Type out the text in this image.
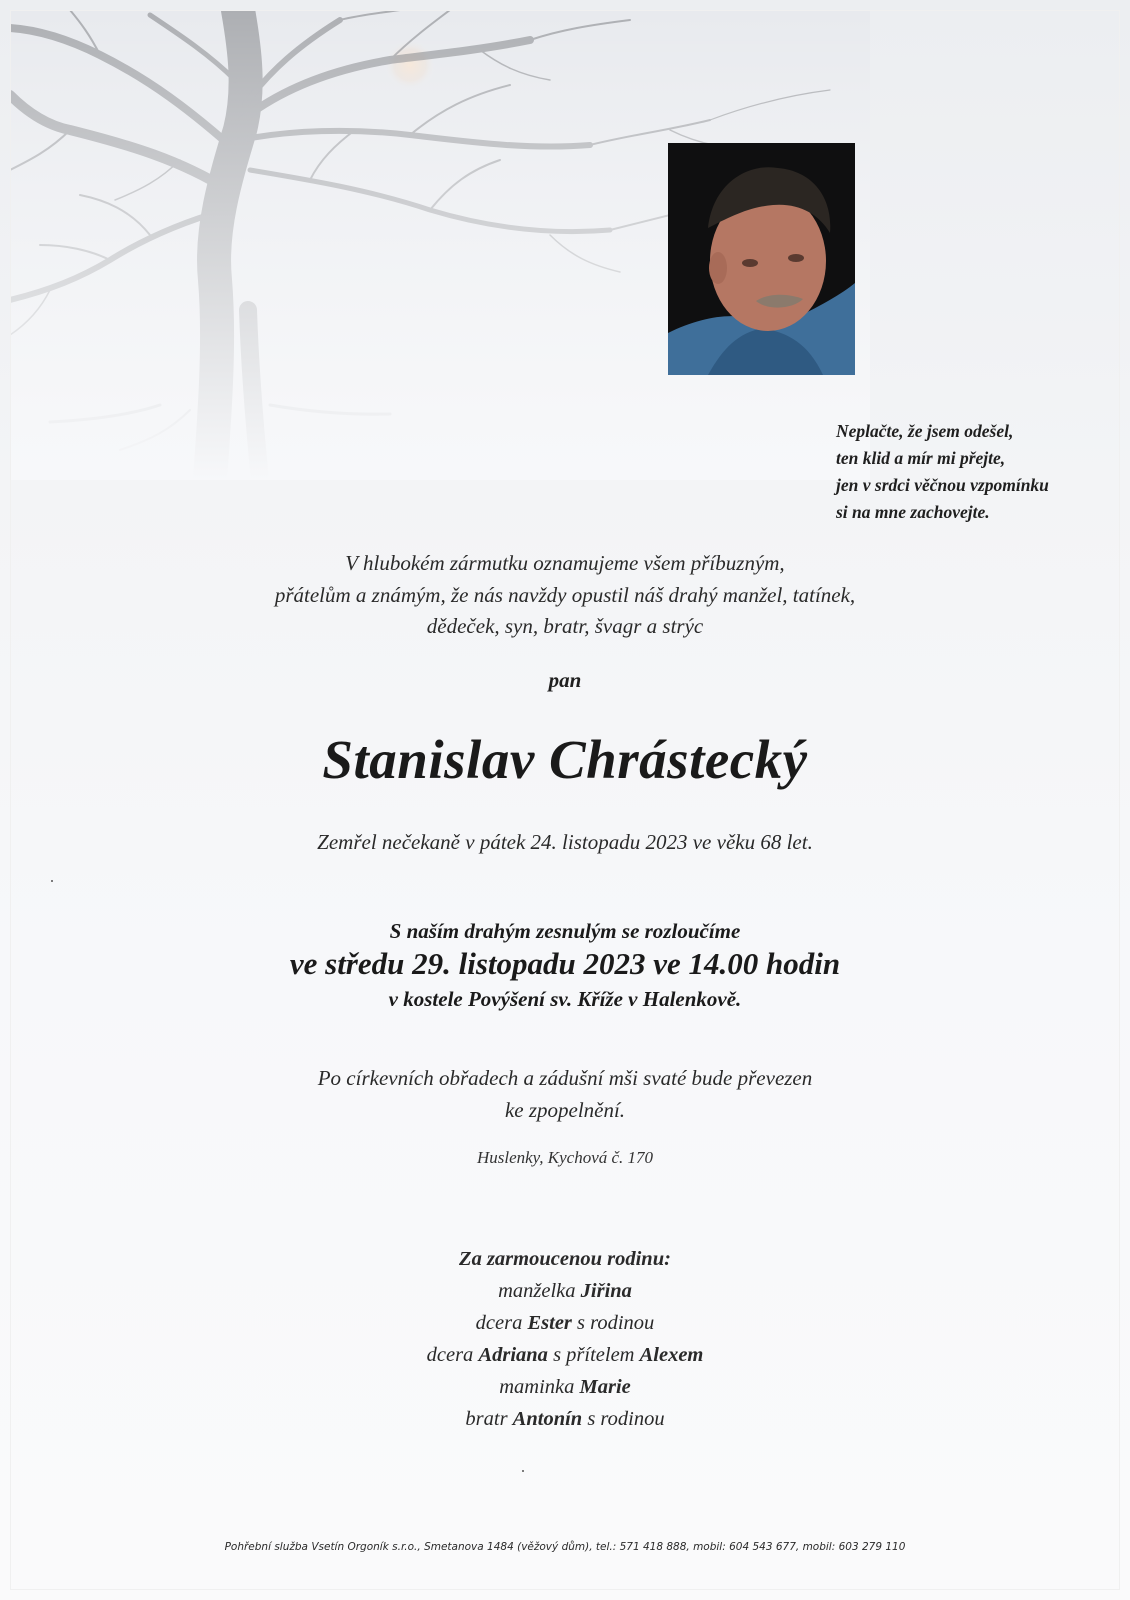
Neplačte, že jsem odešel,
ten klid a mír mi přejte,
jen v srdci věčnou vzpomínku
si na mne zachovejte.
V hlubokém zármutku oznamujeme všem příbuzným,
přátelům a známým, že nás navždy opustil náš drahý manžel, tatínek,
dědeček, syn, bratr, švagr a strýc
pan
Stanislav Chrástecký
Zemřel nečekaně v pátek 24. listopadu 2023 ve věku 68 let.
S naším drahým zesnulým se rozloučíme
ve středu 29. listopadu 2023 ve 14.00 hodin
v kostele Povýšení sv. Kříže v Halenkově.
Po církevních obřadech a zádušní mši svaté bude převezen
ke zpopelnění.
Huslenky, Kychová č. 170
Za zarmoucenou rodinu:
manželka Jiřina
dcera Ester s rodinou
dcera Adriana s přítelem Alexem
maminka Marie
bratr Antonín s rodinou
Pohřební služba Vsetín Orgoník s.r.o., Smetanova 1484 (věžový dům), tel.: 571 418 888, mobil: 604 543 677, mobil: 603 279 110
